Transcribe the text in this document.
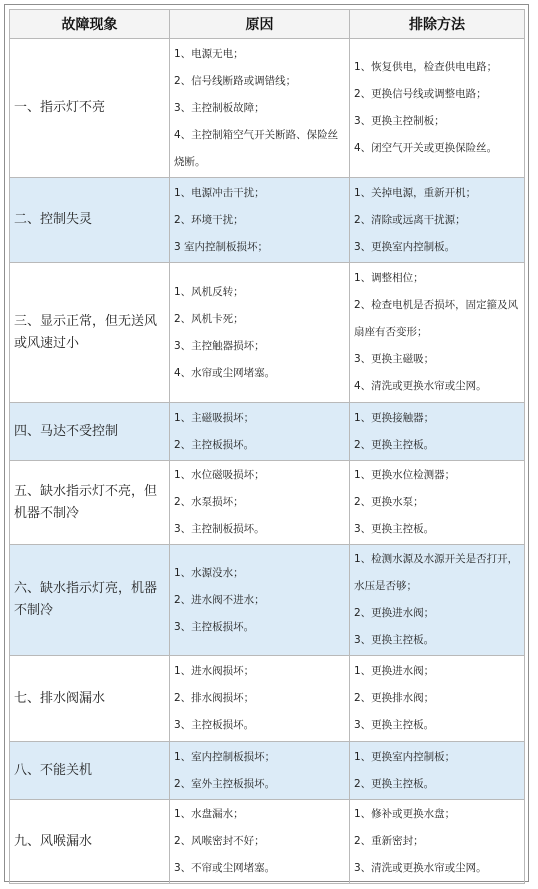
故障现象	原因	排除方法
一、指示灯不亮	1、电源无电；
2、信号线断路或调错线；
3、主控制板故障；
4、主控制箱空气开关断路、保险丝烧断。	1、恢复供电，检查供电电路；
2、更换信号线或调整电路；
3、更换主控制板；
4、闭空气开关或更换保险丝。

二、控制失灵	1、电源冲击干扰；
2、环境干扰；
3 室内控制板损坏；	1、关掉电源，重新开机；
2、清除或远离干扰源；
3、更换室内控制板。

三、显示正常，但无送风或风速过小	1、风机反转；
2、风机卡死；
3、主控触器损坏；
4、水帘或尘网堵塞。	1、调整相位；
2、检查电机是否损坏，固定箍及风扇座有否变形；
3、更换主磁吸；
4、清洗或更换水帘或尘网。

四、马达不受控制	1、主磁吸损坏；
2、主控板损坏。	1、更换接触器；
2、更换主控板。

五、缺水指示灯不亮，但机器不制冷	1、水位磁吸损坏；
2、水泵损坏；
3、主控制板损坏。	1、更换水位检测器；
2、更换水泵；
3、更换主控板。

六、缺水指示灯亮，机器不制冷	1、水源没水；
2、进水阀不进水；
3、主控板损坏。	1、检测水源及水源开关是否打开，水压是否够；
2、更换进水阀；
3、更换主控板。

七、排水阀漏水	1、进水阀损坏；
2、排水阀损坏；
3、主控板损坏。	1、更换进水阀；
2、更换排水阀；
3、更换主控板。

八、不能关机	1、室内控制板损坏；
2、室外主控板损坏。	1、更换室内控制板；
2、更换主控板。

九、风喉漏水	1、水盘漏水；
2、风喉密封不好；
3、不帘或尘网堵塞。	1、修补或更换水盘；
2、重新密封；
3、清洗或更换水帘或尘网。
